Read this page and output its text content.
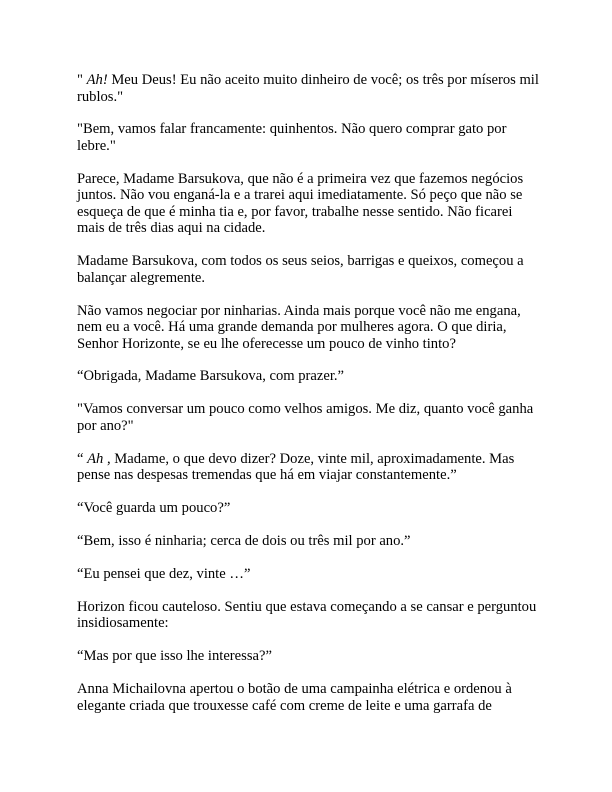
" Ah! Meu Deus! Eu não aceito muito dinheiro de você; os três por míseros mil rublos."

"Bem, vamos falar francamente: quinhentos. Não quero comprar gato por lebre."

Parece, Madame Barsukova, que não é a primeira vez que fazemos negócios juntos. Não vou enganá-la e a trarei aqui imediatamente. Só peço que não se esqueça de que é minha tia e, por favor, trabalhe nesse sentido. Não ficarei mais de três dias aqui na cidade.

Madame Barsukova, com todos os seus seios, barrigas e queixos, começou a balançar alegremente.

Não vamos negociar por ninharias. Ainda mais porque você não me engana, nem eu a você. Há uma grande demanda por mulheres agora. O que diria, Senhor Horizonte, se eu lhe oferecesse um pouco de vinho tinto?

“Obrigada, Madame Barsukova, com prazer.”

"Vamos conversar um pouco como velhos amigos. Me diz, quanto você ganha por ano?"

“ Ah , Madame, o que devo dizer? Doze, vinte mil, aproximadamente. Mas pense nas despesas tremendas que há em viajar constantemente.”

“Você guarda um pouco?”

“Bem, isso é ninharia; cerca de dois ou três mil por ano.”

“Eu pensei que dez, vinte …”

Horizon ficou cauteloso. Sentiu que estava começando a se cansar e perguntou insidiosamente:

“Mas por que isso lhe interessa?”

Anna Michailovna apertou o botão de uma campainha elétrica e ordenou à elegante criada que trouxesse café com creme de leite e uma garrafa de
